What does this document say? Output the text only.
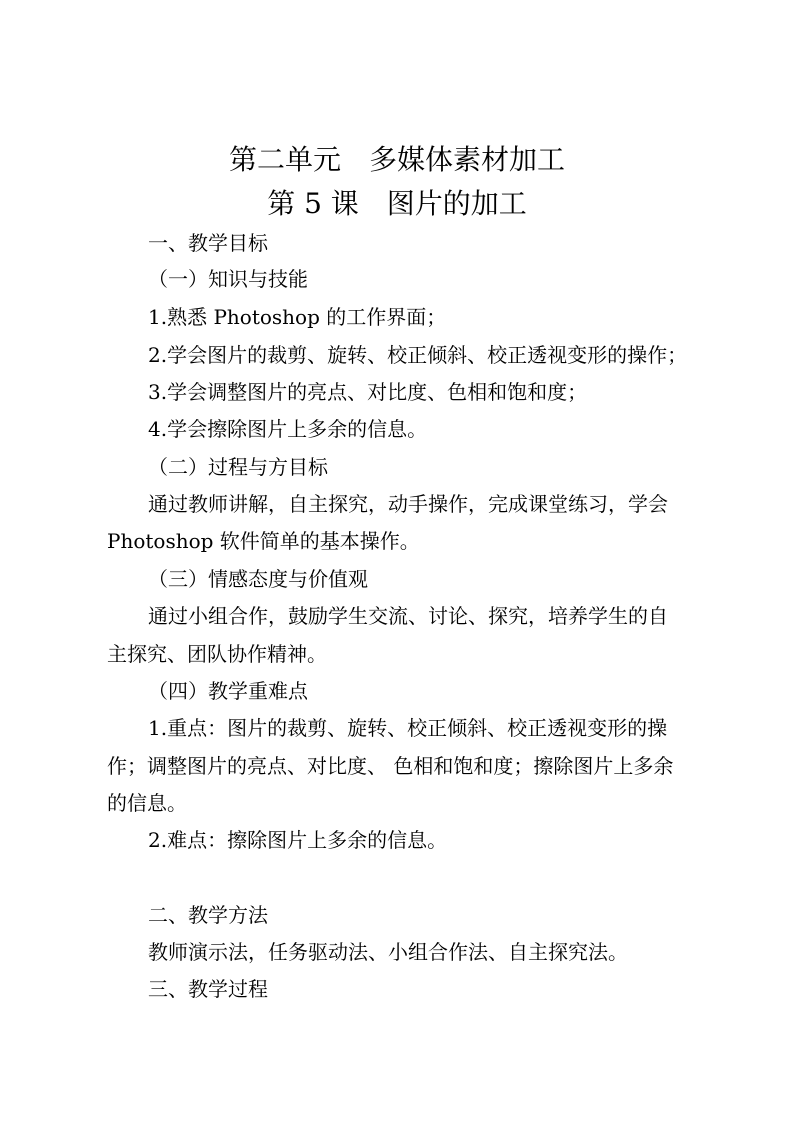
第二单元　多媒体素材加工
第 5 课　图片的加工
一、教学目标
（一）知识与技能
1.熟悉 Photoshop 的工作界面；
2.学会图片的裁剪、旋转、校正倾斜、校正透视变形的操作；
3.学会调整图片的亮点、对比度、色相和饱和度；
4.学会擦除图片上多余的信息。
（二）过程与方目标
通过教师讲解，自主探究，动手操作，完成课堂练习，学会
Photoshop 软件简单的基本操作。
（三）情感态度与价值观
通过小组合作，鼓励学生交流、讨论、探究，培养学生的自
主探究、团队协作精神。
（四）教学重难点
1.重点：图片的裁剪、旋转、校正倾斜、校正透视变形的操
作；调整图片的亮点、对比度、 色相和饱和度；擦除图片上多余
的信息。
2.难点：擦除图片上多余的信息。
二、教学方法
教师演示法，任务驱动法、小组合作法、自主探究法。
三、教学过程
